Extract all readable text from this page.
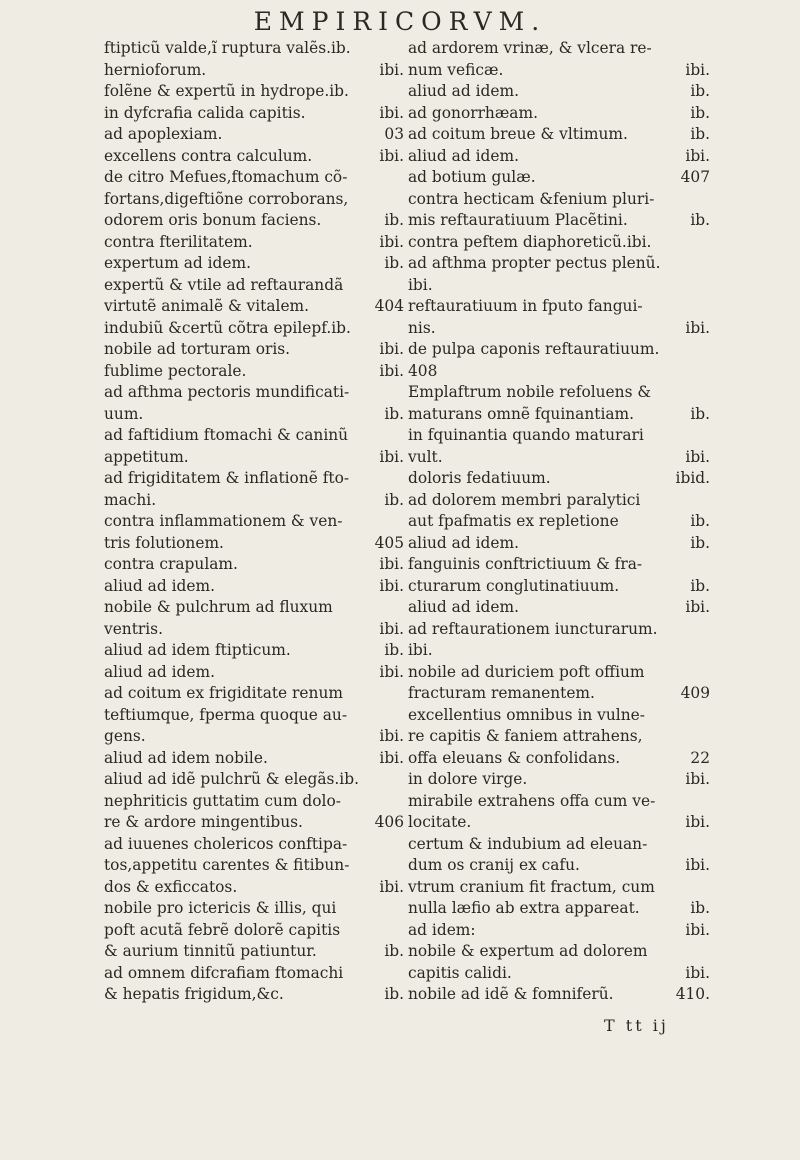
EMPIRICORVM.
ftipticũ valde,ĩ ruptura valẽs.ib.
hernioforum.	ibi.
folẽne & expertũ in hydrope.ib.
in dyfcrafia calida capitis.	ibi.
ad apoplexiam.	03
excellens contra calculum.	ibi.
de citro Mefues,ftomachum cõ-
fortans,digeftiõne corroborans,
odorem oris bonum faciens.	ib.
contra fterilitatem.	ibi.
expertum ad idem.	ib.
expertũ & vtile ad reftaurandã
virtutẽ animalẽ & vitalem.	404
indubiũ &certũ cõtra epilepf.ib.
nobile ad torturam oris.	ibi.
fublime pectorale.	ibi.
ad afthma pectoris mundificati-
uum.	ib.
ad faftidium ftomachi & caninũ
appetitum.	ibi.
ad frigiditatem & inflationẽ fto-
machi.	ib.
contra inflammationem & ven-
tris folutionem.	405
contra crapulam.	ibi.
aliud ad idem.	ibi.
nobile & pulchrum ad fluxum
ventris.	ibi.
aliud ad idem ftipticum.	ib.
aliud ad idem.	ibi.
ad coitum ex frigiditate renum
teftiumque, fperma quoque au-
gens.	ibi.
aliud ad idem nobile.	ibi.
aliud ad idẽ pulchrũ & elegãs.ib.
nephriticis guttatim cum dolo-
re & ardore mingentibus.	406
ad iuuenes cholericos conftipa-
tos,appetitu carentes & fitibun-
dos & exficcatos.	ibi.
nobile pro ictericis & illis, qui
poft acutã febrẽ dolorẽ capitis
& aurium tinnitũ patiuntur.	ib.
ad omnem difcrafiam ftomachi
& hepatis frigidum,&c.	ib.
ad ardorem vrinæ, & vlcera re-
num veficæ.	ibi.
aliud ad idem.	ib.
ad gonorrhæam.	ib.
ad coitum breue & vltimum.	ib.
aliud ad idem.	ibi.
ad botium gulæ.	407
contra hecticam &fenium pluri-
mis reftauratiuum Placẽtini.	ib.
contra peftem diaphoreticũ.ibi.
ad afthma propter pectus plenũ.
ibi.
reftauratiuum in fputo fangui-
nis.	ibi.
de pulpa caponis reftauratiuum.
408
Emplaftrum nobile refoluens &
maturans omnẽ fquinantiam.	ib.
in fquinantia quando maturari
vult.	ibi.
doloris fedatiuum.	ibid.
ad dolorem membri paralytici
aut fpafmatis ex repletione	ib.
aliud ad idem.	ib.
fanguinis conftrictiuum & fra-
cturarum conglutinatiuum.	ib.
aliud ad idem.	ibi.
ad reftaurationem iuncturarum.
ibi.
nobile ad duriciem poft offium
fracturam remanentem.	409
excellentius omnibus in vulne-
re capitis & faniem attrahens,
offa eleuans & confolidans.	22
in dolore virge.	ibi.
mirabile extrahens offa cum ve-
locitate.	ibi.
certum & indubium ad eleuan-
dum os cranij ex cafu.	ibi.
vtrum cranium fit fractum, cum
nulla læfio ab extra appareat.	ib.
ad idem:	ibi.
nobile & expertum ad dolorem
capitis calidi.	ibi.
nobile ad idẽ & fomniferũ.	410.
T tt ij
